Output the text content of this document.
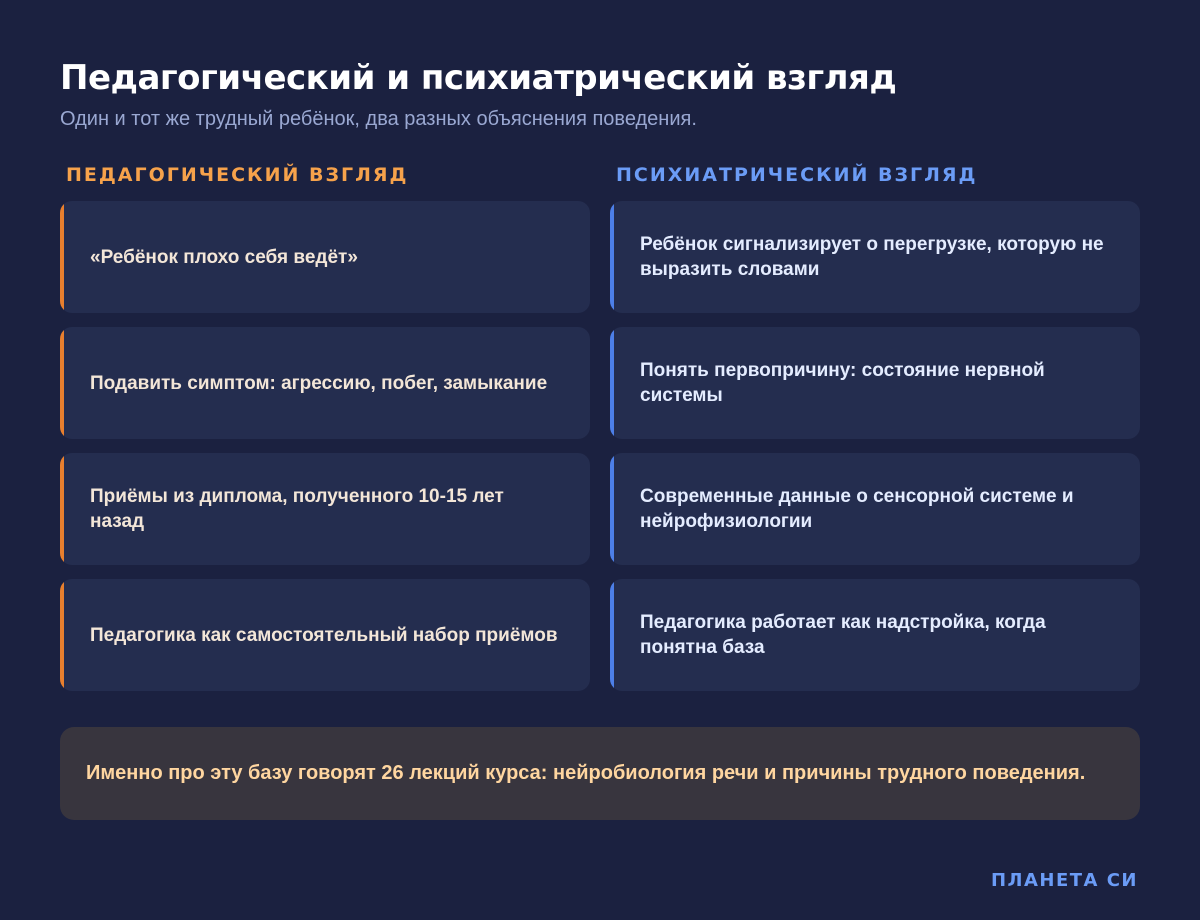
Педагогический и психиатрический взгляд

Один и тот же трудный ребёнок, два разных объяснения поведения.

ПЕДАГОГИЧЕСКИЙ ВЗГЛЯД
«Ребёнок плохо себя ведёт»
Подавить симптом: агрессию, побег, замыкание
Приёмы из диплома, полученного 10-15 лет назад
Педагогика как самостоятельный набор приёмов
ПСИХИАТРИЧЕСКИЙ ВЗГЛЯД
Ребёнок сигнализирует о перегрузке, которую не выразить словами
Понять первопричину: состояние нервной системы
Современные данные о сенсорной системе и нейрофизиологии
Педагогика работает как надстройка, когда понятна база
Именно про эту базу говорят 26 лекций курса: нейробиология речи и причины трудного поведения.
ПЛАНЕТА СИ
